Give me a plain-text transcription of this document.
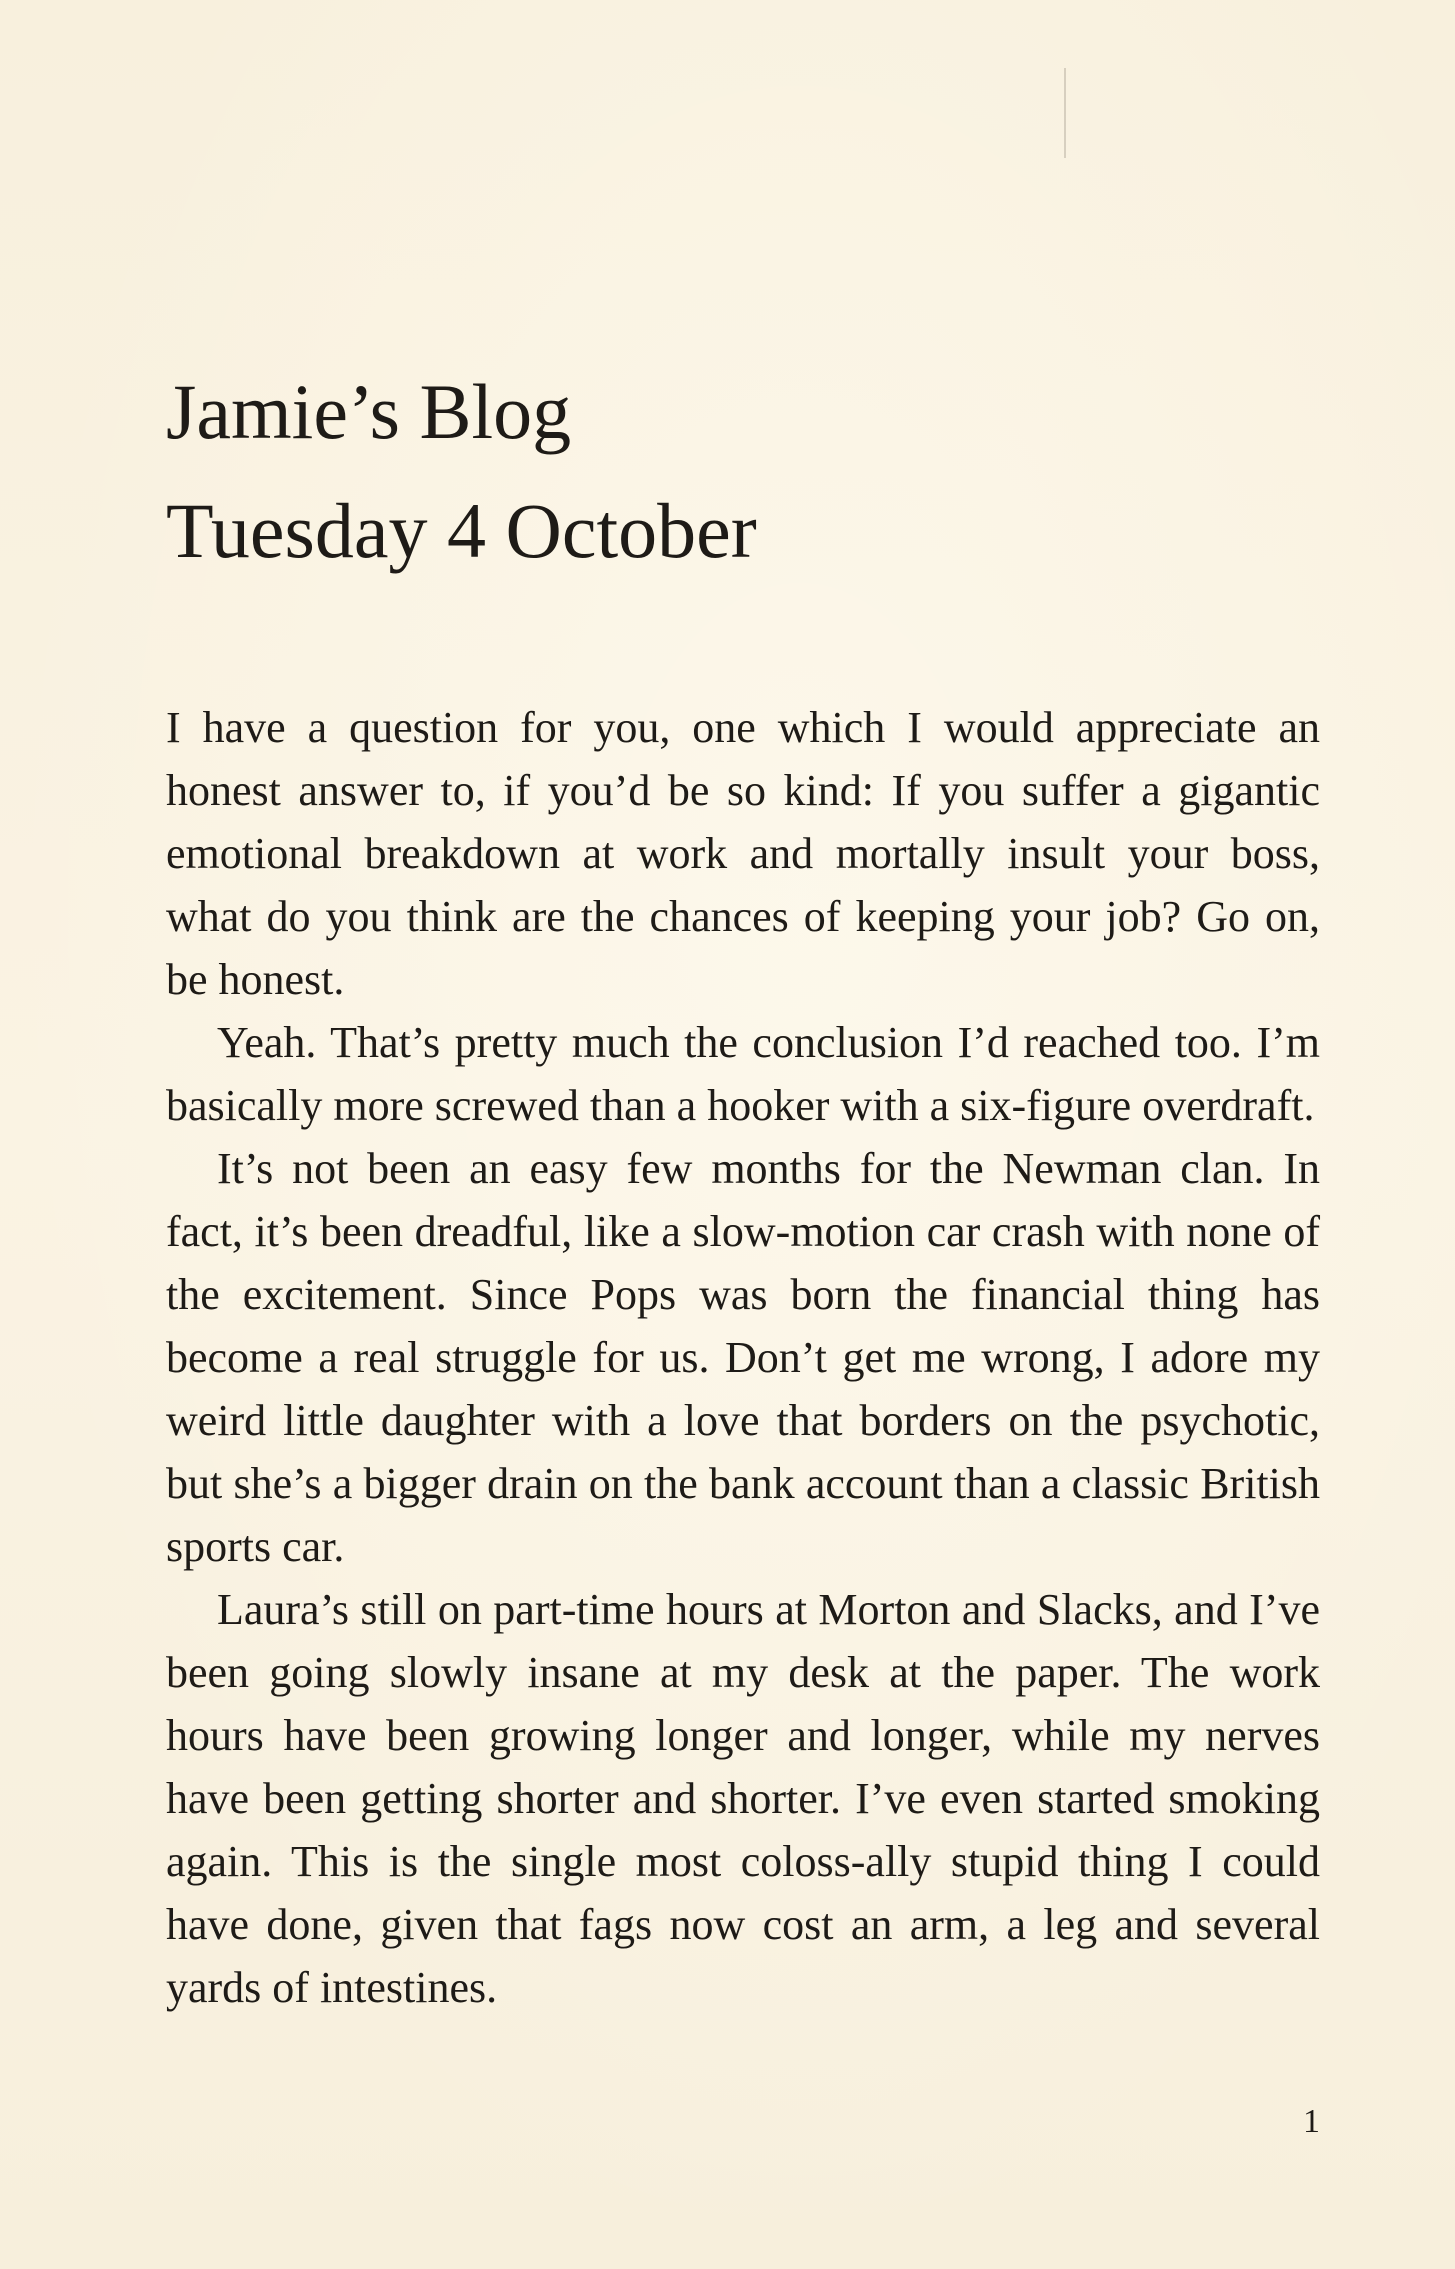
Jamie’s Blog
Tuesday 4 October

I have a question for you, one which I would appreciate an honest answer to, if you’d be so kind: If you suffer a gigantic emotional breakdown at work and mortally insult your boss, what do you think are the chances of keeping your job? Go on, be honest.

Yeah. That’s pretty much the conclusion I’d reached too. I’m basically more screwed than a hooker with a six-figure overdraft.

It’s not been an easy few months for the Newman clan. In fact, it’s been dreadful, like a slow-motion car crash with none of the excitement. Since Pops was born the financial thing has become a real struggle for us. Don’t get me wrong, I adore my weird little daughter with a love that borders on the psychotic, but she’s a bigger drain on the bank account than a classic British sports car.

Laura’s still on part-time hours at Morton and Slacks, and I’ve been going slowly insane at my desk at the paper. The work hours have been growing longer and longer, while my nerves have been getting shorter and shorter. I’ve even started smoking again. This is the single most coloss-ally stupid thing I could have done, given that fags now cost an arm, a leg and several yards of intestines.

1
